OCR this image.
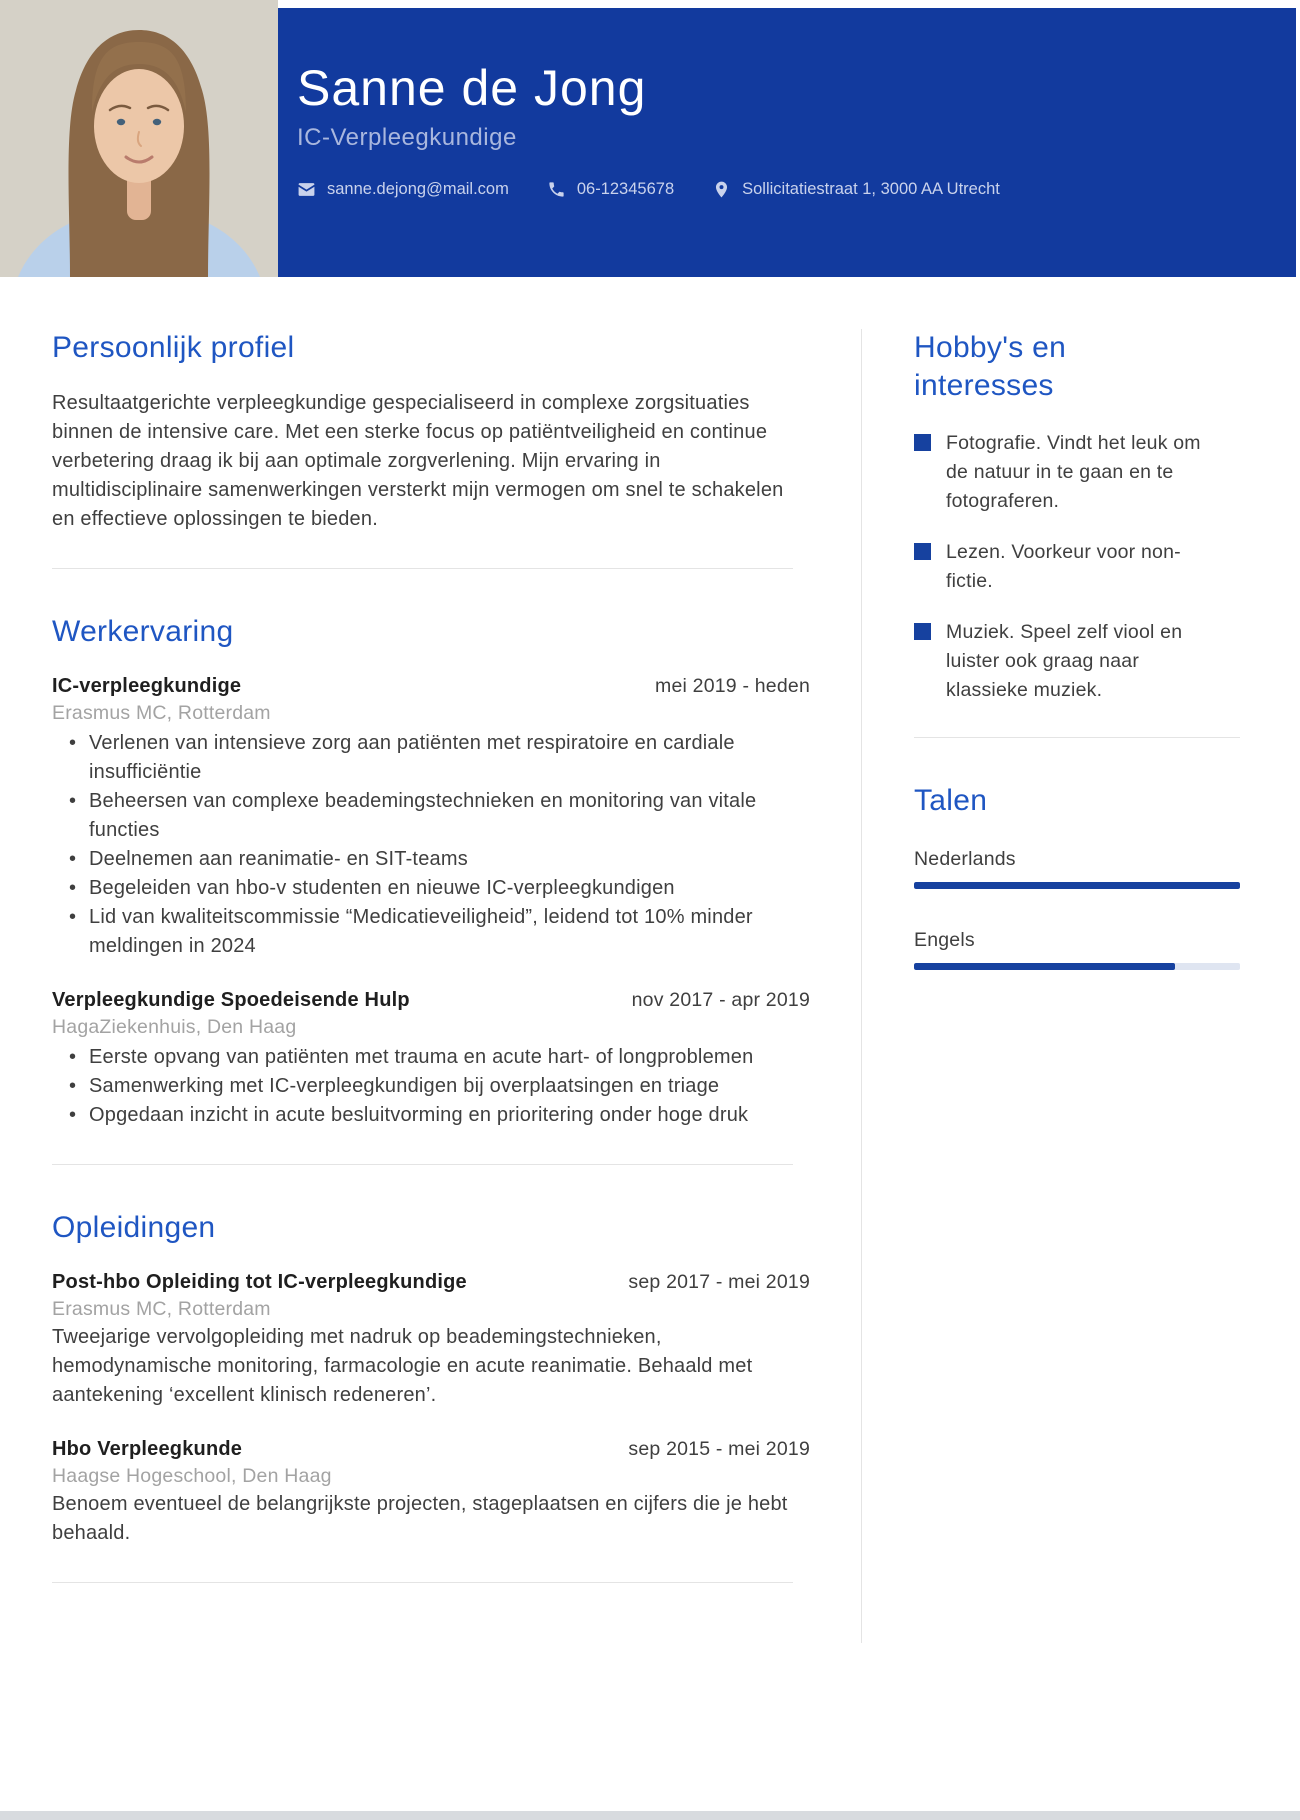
Sanne de Jong
IC-Verpleegkundige
sanne.dejong@mail.com	06-12345678	Sollicitatiestraat 1, 3000 AA Utrecht
Persoonlijk profiel

Resultaatgerichte verpleegkundige gespecialiseerd in complexe zorgsituaties binnen de intensive care. Met een sterke focus op patiëntveiligheid en continue verbetering draag ik bij aan optimale zorgverlening. Mijn ervaring in multidisciplinaire samenwerkingen versterkt mijn vermogen om snel te schakelen en effectieve oplossingen te bieden.

Werkervaring
IC-verpleegkundige	mei 2019 - heden
Erasmus MC, Rotterdam
• Verlenen van intensieve zorg aan patiënten met respiratoire en cardiale insufficiëntie
• Beheersen van complexe beademingstechnieken en monitoring van vitale functies
• Deelnemen aan reanimatie- en SIT-teams
• Begeleiden van hbo-v studenten en nieuwe IC-verpleegkundigen
• Lid van kwaliteitscommissie “Medicatieveiligheid”, leidend tot 10% minder meldingen in 2024
Verpleegkundige Spoedeisende Hulp	nov 2017 - apr 2019
HagaZiekenhuis, Den Haag
• Eerste opvang van patiënten met trauma en acute hart- of longproblemen
• Samenwerking met IC-verpleegkundigen bij overplaatsingen en triage
• Opgedaan inzicht in acute besluitvorming en prioritering onder hoge druk
Opleidingen
Post-hbo Opleiding tot IC-verpleegkundige	sep 2017 - mei 2019
Erasmus MC, Rotterdam

Tweejarige vervolgopleiding met nadruk op beademingstechnieken, hemodynamische monitoring, farmacologie en acute reanimatie. Behaald met aantekening ‘excellent klinisch redeneren’.

Hbo Verpleegkunde	sep 2015 - mei 2019
Haagse Hogeschool, Den Haag

Benoem eventueel de belangrijkste projecten, stageplaatsen en cijfers die je hebt behaald.

Hobby's en interesses
Fotografie. Vindt het leuk om de natuur in te gaan en te fotograferen.
Lezen. Voorkeur voor non-fictie.
Muziek. Speel zelf viool en luister ook graag naar klassieke muziek.
Talen
Nederlands
Engels
